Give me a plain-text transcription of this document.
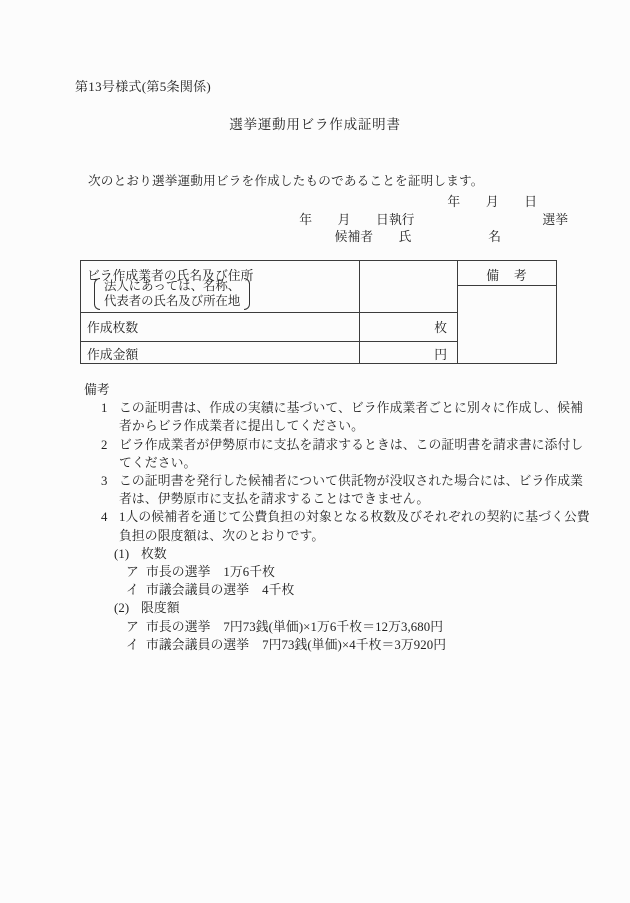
第13号様式(第5条関係)
選挙運動用ビラ作成証明書
次のとおり選挙運動用ビラを作成したものであることを証明します。
年　　月　　日
年　　月　　日執行　　　　　　　　　　選挙
候補者　　氏　　　　　　名
ビラ作成業者の氏名及び住所
法人にあっては、名称、
代表者の氏名及び所在地
作成枚数	枚
作成金額	円
備　考
備考
1 この証明書は、作成の実績に基づいて、ビラ作成業者ごとに別々に作成し、候補
者からビラ作成業者に提出してください。
2 ビラ作成業者が伊勢原市に支払を請求するときは、この証明書を請求書に添付し
てください。
3 この証明書を発行した候補者について供託物が没収された場合には、ビラ作成業
者は、伊勢原市に支払を請求することはできません。
4 1人の候補者を通じて公費負担の対象となる枚数及びそれぞれの契約に基づく公費
負担の限度額は、次のとおりです。
(1) 枚数
ア 市長の選挙　1万6千枚
イ 市議会議員の選挙　4千枚
(2) 限度額
ア 市長の選挙　7円73銭(単価)×1万6千枚＝12万3,680円
イ 市議会議員の選挙　7円73銭(単価)×4千枚＝3万920円
